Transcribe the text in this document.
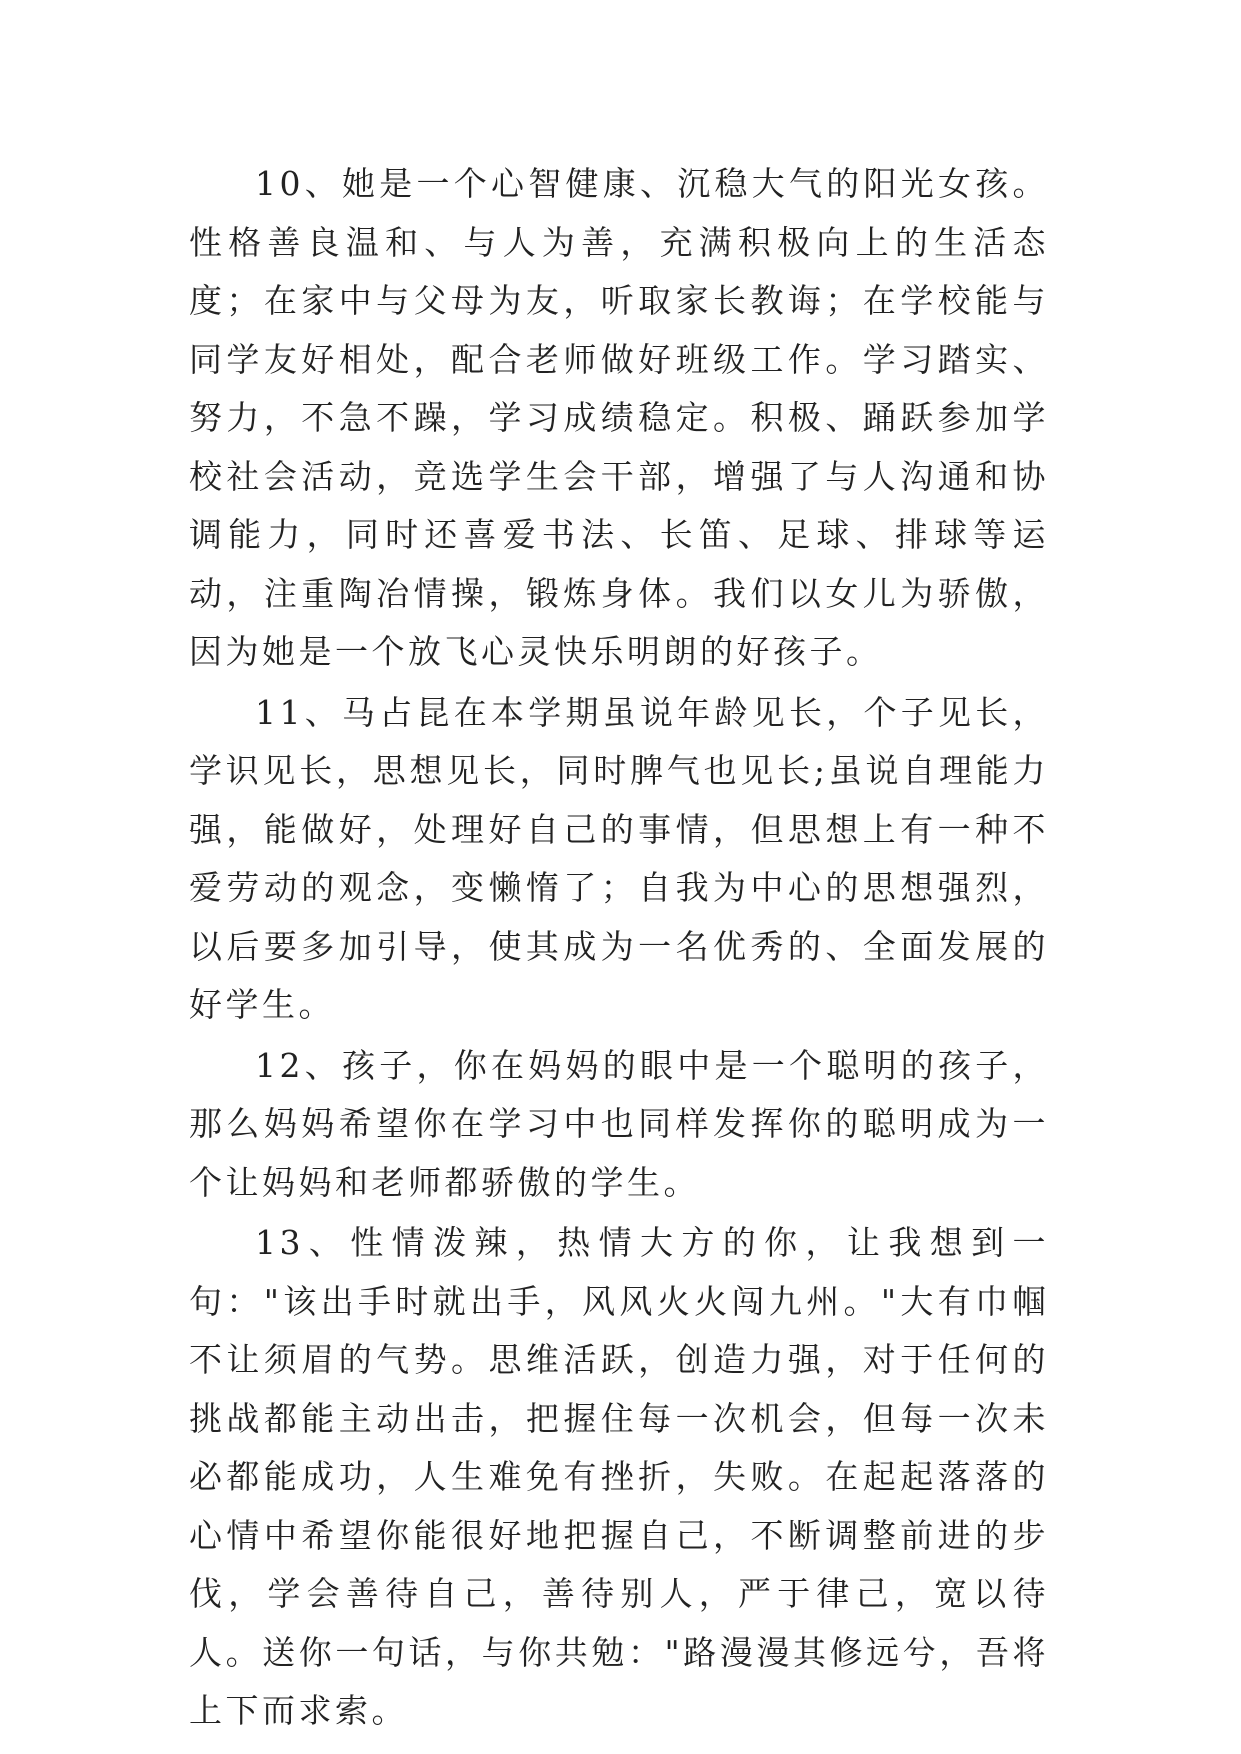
10、她是一个心智健康、沉稳大气的阳光女孩。性格善良温和、与人为善，充满积极向上的生活态度；在家中与父母为友，听取家长教诲；在学校能与同学友好相处，配合老师做好班级工作。学习踏实、努力，不急不躁，学习成绩稳定。积极、踊跃参加学校社会活动，竞选学生会干部，增强了与人沟通和协调能力，同时还喜爱书法、长笛、足球、排球等运动，注重陶冶情操，锻炼身体。我们以女儿为骄傲，因为她是一个放飞心灵快乐明朗的好孩子。

11、马占昆在本学期虽说年龄见长，个子见长，学识见长，思想见长，同时脾气也见长;虽说自理能力强，能做好，处理好自己的事情，但思想上有一种不爱劳动的观念，变懒惰了；自我为中心的思想强烈，以后要多加引导，使其成为一名优秀的、全面发展的好学生。

12、孩子，你在妈妈的眼中是一个聪明的孩子，那么妈妈希望你在学习中也同样发挥你的聪明成为一个让妈妈和老师都骄傲的学生。

13、性情泼辣，热情大方的你，让我想到一句："该出手时就出手，风风火火闯九州。"大有巾帼不让须眉的气势。思维活跃，创造力强，对于任何的挑战都能主动出击，把握住每一次机会，但每一次未必都能成功，人生难免有挫折，失败。在起起落落的心情中希望你能很好地把握自己，不断调整前进的步伐，学会善待自己，善待别人，严于律己，宽以待人。送你一句话，与你共勉："路漫漫其修远兮，吾将上下而求索。
